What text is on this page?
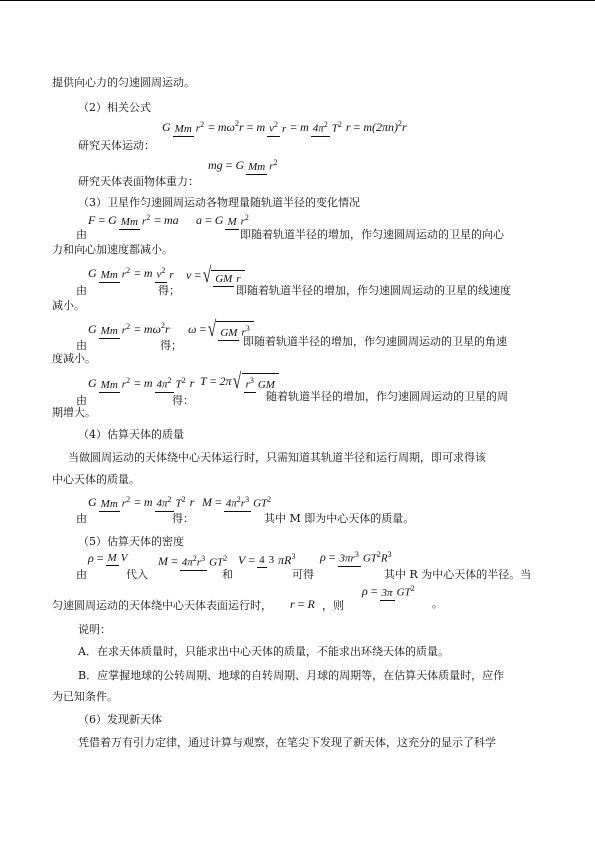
提供向心力的匀速圆周运动。
（2）相关公式
G Mm r2 =
mω2r
=
m v2 r =
m 4π2 T2 r
=
m(2πn)2r
研究天体运动：
mg
=
G Mm r2
研究天体表面物体重力：
（3）卫星作匀速圆周运动各物理量随轨道半径的变化情况
F
=
G Mm r2 =
ma a
=
G M r2
由	即随着轨道半径的增加，作匀速圆周运动的卫星的向心
力和向心加速度都减小。
G Mm r2 =
m v2 r v
= √ GM r
由	得；	即随着轨道半径的增加，作匀速圆周运动的卫星的线速度
减小。
G Mm r2 =
mω2r ω
= √ GM r3
由	得；	即随着轨道半径的增加，作匀速圆周运动的卫星的角速
度减小。
G Mm r2 =
m 4π2 T2 r T
=
2π √ r3 GM
由	得：	随着轨道半径的增加，作匀速圆周运动的卫星的周
期增大。
（4）估算天体的质量
当做圆周运动的天体绕中心天体运行时，只需知道其轨道半径和运行周期，即可求得该
中心天体的质量。
G Mm r2 =
m 4π2 T2 r M
= 4π2r3 GT2
由	得：	其中 M 即为中心天体的质量。
（5）估算天体的密度
ρ
= M V	M
= 4π2r3 GT2 V
= 4 3 πR3 ρ
= 3πr3 GT2R3
由	代入	和	可得	其中 R 为中心天体的半径。当
匀速圆周运动的天体绕中心天体表面运行时， r
=
R ，则
ρ
= 3π GT2
。
说明：
A．在求天体质量时，只能求出中心天体的质量，不能求出环绕天体的质量。
B．应掌握地球的公转周期、地球的自转周期、月球的周期等，在估算天体质量时，应作
为已知条件。
（6）发现新天体
凭借着万有引力定律，通过计算与观察，在笔尖下发现了新天体，这充分的显示了科学
